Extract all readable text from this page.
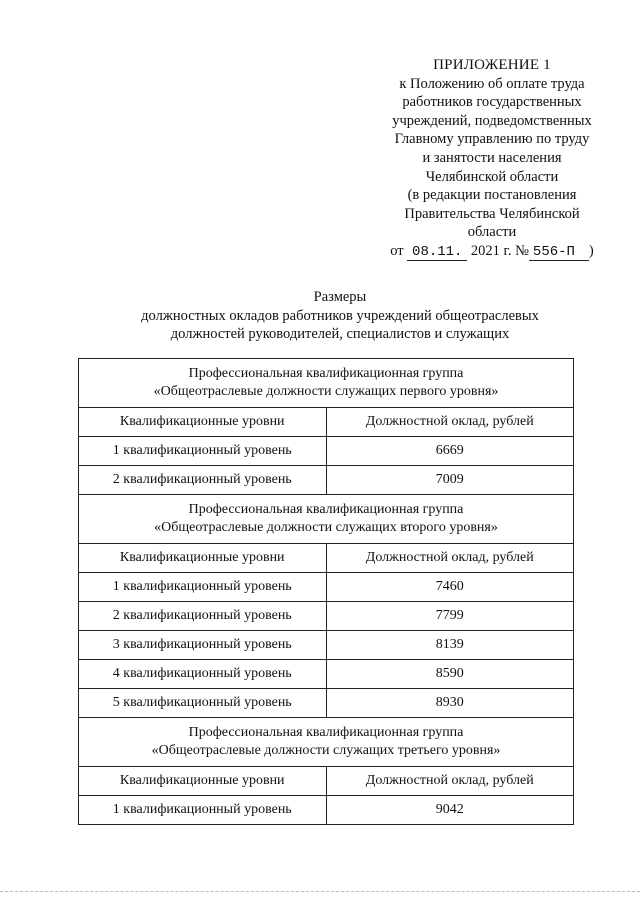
ПРИЛОЖЕНИЕ 1
к Положению об оплате труда
работников государственных
учреждений, подведомственных
Главному управлению по труду
и занятости населения
Челябинской области
(в редакции постановления
Правительства Челябинской
области
от 08.11. 2021 г. № 556-П )
Размеры
должностных окладов работников учреждений общеотраслевых
должностей руководителей, специалистов и служащих
Профессиональная квалификационная группа
«Общеотраслевые должности служащих первого уровня»	

Квалификационные уровни	Должностной оклад, рублей
1 квалификационный уровень	6669
2 квалификационный уровень	7009

Профессиональная квалификационная группа
«Общеотраслевые должности служащих второго уровня»	

Квалификационные уровни	Должностной оклад, рублей
1 квалификационный уровень	7460
2 квалификационный уровень	7799
3 квалификационный уровень	8139
4 квалификационный уровень	8590
5 квалификационный уровень	8930

Профессиональная квалификационная группа
«Общеотраслевые должности служащих третьего уровня»	

Квалификационные уровни	Должностной оклад, рублей
1 квалификационный уровень	9042
